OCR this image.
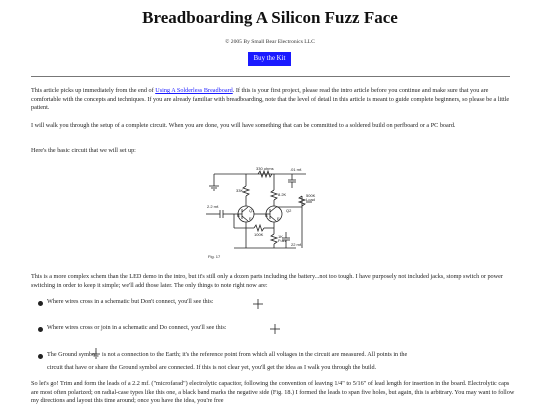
Breadboarding A Silicon Fuzz Face
© 2005 By Small Bear Electronics LLC
Buy the Kit

This article picks up immediately from the end of Using A Solderless Breadboard. If this is your first project, please read the intro article before you continue and make sure that you are comfortable with the concepts and techniques. If you are already familiar with breadboarding, note that the level of detail in this article is meant to guide complete beginners, so please be a little patient.

I will walk you through the setup of a complete circuit. When you are done, you will have something that can be committed to a soldered build on perfboard or a PC board.

Here's the basic circuit that we will set up:

330 ohms	.01 mf.
33K
8.2K
2.2 mf.
Q1	Q2
B
E
B
E
100K
500K
Load
1K
Fuzz
22 mf.
Fig. 17

This is a more complex schem than the LED demo in the intro, but it's still only a dozen parts including the battery...not too tough. I have purposely not included jacks, stomp switch or power switching in order to keep it simple; we'll add those later. The only things to note right now are:

Where wires cross in a schematic but Don't connect, you'll see this:
Where wires cross or join in a schematic and Do connect, you'll see this:
The Ground symbol is not a connection to the Earth; it's the reference point from which all voltages in the circuit are measured. All points in the
circuit that have or share the Ground symbol are connected. If this is not clear yet, you'll get the idea as I walk you through the build.

So let's go! Trim and form the leads of a 2.2 mf. ("microfarad") electrolytic capacitor, following the convention of leaving 1/4" to 5/16" of lead length for insertion in the board. Electrolytic caps are most often polarized; on radial-case types like this one, a black band marks the negative side (Fig. 18.) I formed the leads to span five holes, but again, this is arbitrary. You may want to follow my directions and layout this time around; once you have the idea, you're free
